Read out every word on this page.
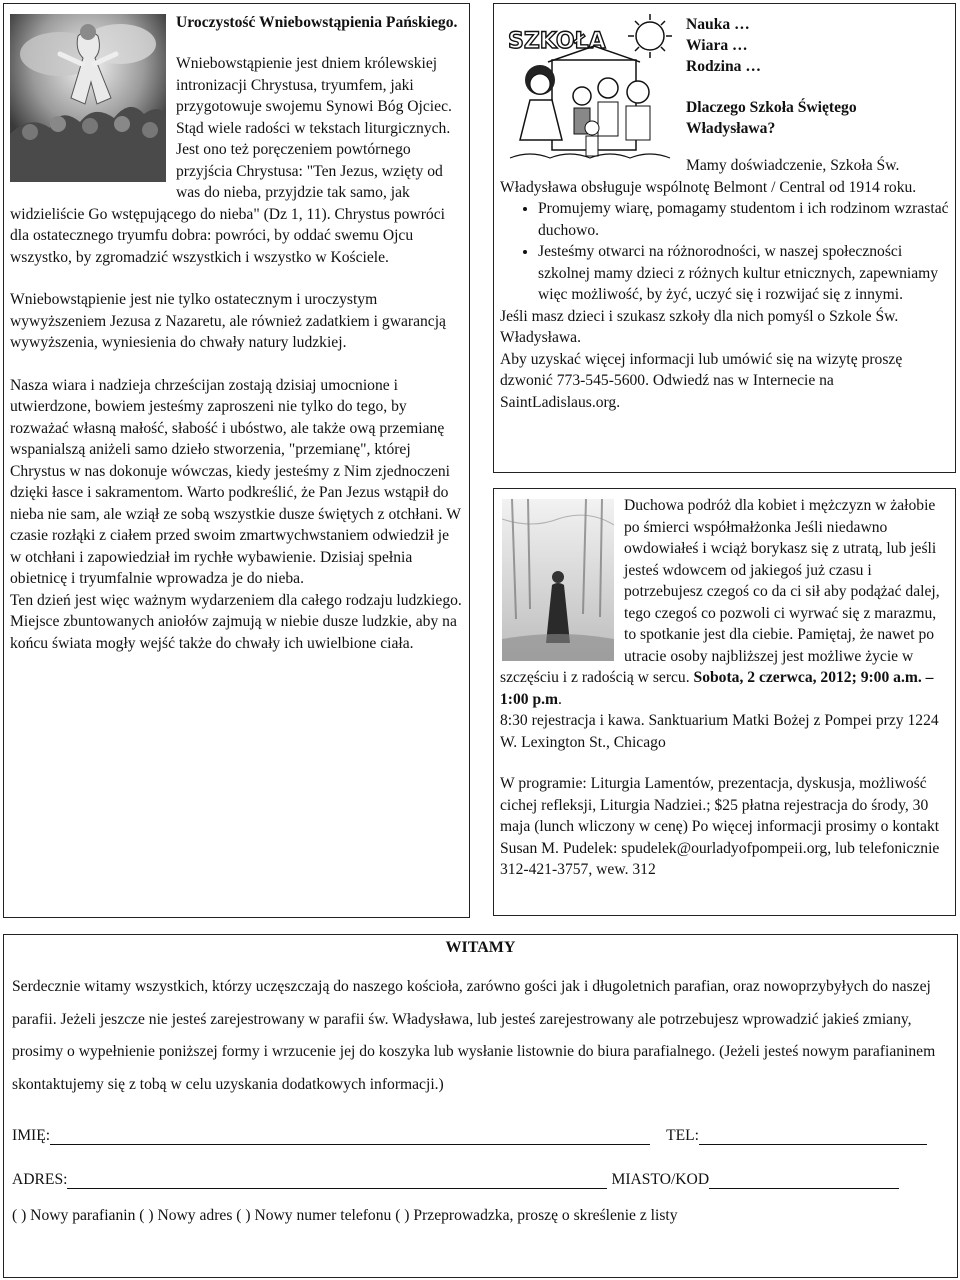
Uroczystość Wniebowstąpienia Pańskiego.

Wniebowstąpienie jest dniem królewskiej intronizacji Chrystusa, tryumfem, jaki przygotowuje swojemu Synowi Bóg Ojciec. Stąd wiele radości w tekstach liturgicznych. Jest ono też poręczeniem powtórnego przyjścia Chrystusa: "Ten Jezus, wzięty od was do nieba, przyjdzie tak samo, jak widzieliście Go wstępującego do nieba" (Dz 1, 11). Chrystus powróci dla ostatecznego tryumfu dobra: powróci, by oddać swemu Ojcu wszystko, by zgromadzić wszystkich i wszystko w Kościele.

Wniebowstąpienie jest nie tylko ostatecznym i uroczystym wywyższeniem Jezusa z Nazaretu, ale również zadatkiem i gwarancją wywyższenia, wyniesienia do chwały natury ludzkiej.

Nasza wiara i nadzieja chrześcijan zostają dzisiaj umocnione i utwierdzone, bowiem jesteśmy zaproszeni nie tylko do tego, by rozważać własną małość, słabość i ubóstwo, ale także ową przemianę wspanialszą aniżeli samo dzieło stworzenia, "przemianę", której Chrystus w nas dokonuje wówczas, kiedy jesteśmy z Nim zjednoczeni dzięki łasce i sakramentom. Warto podkreślić, że Pan Jezus wstąpił do nieba nie sam, ale wziął ze sobą wszystkie dusze świętych z otchłani. W czasie rozłąki z ciałem przed swoim zmartwychwstaniem odwiedził je w otchłani i zapowiedział im rychłe wybawienie. Dzisiaj spełnia obietnicę i tryumfalnie wprowadza je do nieba.

Ten dzień jest więc ważnym wydarzeniem dla całego rodzaju ludzkiego. Miejsce zbuntowanych aniołów zajmują w niebie dusze ludzkie, aby na końcu świata mogły wejść także do chwały ich uwielbione ciała.

SZKOŁA

Nauka …

Wiara …

Rodzina …

Dlaczego Szkoła Świętego Władysława?

Mamy doświadczenie, Szkoła Św. Władysława obsługuje wspólnotę Belmont / Central od 1914 roku.

• Promujemy wiarę, pomagamy studentom i ich rodzinom wzrastać duchowo.
• Jesteśmy otwarci na różnorodności, w naszej społeczności szkolnej mamy dzieci z różnych kultur etnicznych, zapewniamy więc możliwość, by żyć, uczyć się i rozwijać się z innymi.

Jeśli masz dzieci i szukasz szkoły dla nich pomyśl o Szkole Św. Władysława.

Aby uzyskać więcej informacji lub umówić się na wizytę proszę dzwonić 773-545-5600. Odwiedź nas w Internecie na SaintLadislaus.org.

Duchowa podróż dla kobiet i mężczyzn w żałobie po śmierci współmałżonka Jeśli niedawno owdowiałeś i wciąż borykasz się z utratą, lub jeśli jesteś wdowcem od jakiegoś już czasu i potrzebujesz czegoś co da ci sił aby podążać dalej, tego czegoś co pozwoli ci wyrwać się z marazmu, to spotkanie jest dla ciebie. Pamiętaj, że nawet po utracie osoby najbliższej jest możliwe życie w szczęściu i z radością w sercu. Sobota, 2 czerwca, 2012; 9:00 a.m. – 1:00 p.m.

8:30 rejestracja i kawa. Sanktuarium Matki Bożej z Pompei przy 1224 W. Lexington St., Chicago

W programie: Liturgia Lamentów, prezentacja, dyskusja, możliwość cichej refleksji, Liturgia Nadziei.; $25 płatna rejestracja do środy, 30 maja (lunch wliczony w cenę) Po więcej informacji prosimy o kontakt Susan M. Pudelek: spudelek@ourladyofpompeii.org, lub telefonicznie 312-421-3757, wew. 312

WITAMY

Serdecznie witamy wszystkich, którzy uczęszczają do naszego kościoła, zarówno gości jak i długoletnich parafian, oraz nowoprzybyłych do naszej parafii. Jeżeli jeszcze nie jesteś zarejestrowany w parafii św. Władysława, lub jesteś zarejestrowany ale potrzebujesz wprowadzić jakieś zmiany, prosimy o wypełnienie poniższej formy i wrzucenie jej do koszyka lub wysłanie listownie do biura parafialnego. (Jeżeli jesteś nowym parafianinem skontaktujemy się z tobą w celu uzyskania dodatkowych informacji.)

IMIĘ:	TEL:
ADRES:	MIASTO/KOD

( ) Nowy parafianin ( ) Nowy adres ( ) Nowy numer telefonu ( ) Przeprowadzka, proszę o skreślenie z listy
